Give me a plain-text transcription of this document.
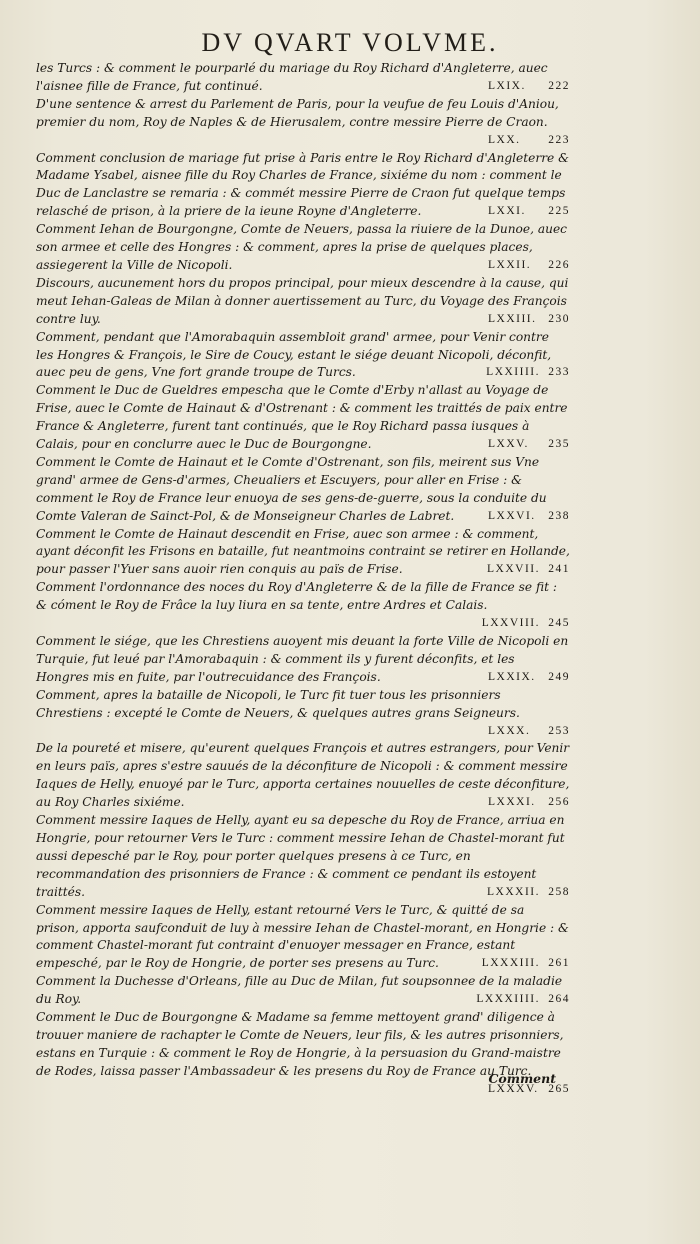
DV QVART VOLVME.
les Turcs : & comment le pourparlé du mariage du Roy Richard d'Angleterre, auec l'aisnee fille de France, fut continué.	LXIX. 222
D'une sentence & arrest du Parlement de Paris, pour la veufue de feu Louis d'Aniou, premier du nom, Roy de Naples & de Hierusalem, contre messire Pierre de Craon.
LXX. 223
Comment conclusion de mariage fut prise à Paris entre le Roy Richard d'Angleterre & Madame Ysabel, aisnee fille du Roy Charles de France, sixiéme du nom : comment le Duc de Lanclastre se remaria : & commét messire Pierre de Craon fut quelque temps relasché de prison, à la priere de la ieune Royne d'Angleterre.	LXXI. 225
Comment Iehan de Bourgongne, Comte de Neuers, passa la riuiere de la Dunoe, auec son armee et celle des Hongres : & comment, apres la prise de quelques places, assiegerent la Ville de Nicopoli.	LXXII. 226
Discours, aucunement hors du propos principal, pour mieux descendre à la cause, qui meut Iehan-Galeas de Milan à donner auertissement au Turc, du Voyage des François contre luy.	LXXIII. 230
Comment, pendant que l'Amorabaquin assembloit grand' armee, pour Venir contre les Hongres & François, le Sire de Coucy, estant le siége deuant Nicopoli, déconfit, auec peu de gens, Vne fort grande troupe de Turcs.	LXXIIII. 233
Comment le Duc de Gueldres empescha que le Comte d'Erby n'allast au Voyage de Frise, auec le Comte de Hainaut & d'Ostrenant : & comment les traittés de paix entre France & Angleterre, furent tant continués, que le Roy Richard passa iusques à Calais, pour en conclurre auec le Duc de Bourgongne.	LXXV. 235
Comment le Comte de Hainaut et le Comte d'Ostrenant, son fils, meirent sus Vne grand' armee de Gens-d'armes, Cheualiers et Escuyers, pour aller en Frise : & comment le Roy de France leur enuoya de ses gens-de-guerre, sous la conduite du Comte Valeran de Sainct-Pol, & de Monseigneur Charles de Labret.	LXXVI. 238
Comment le Comte de Hainaut descendit en Frise, auec son armee : & comment, ayant déconfit les Frisons en bataille, fut neantmoins contraint se retirer en Hollande, pour passer l'Yuer sans auoir rien conquis au païs de Frise.	LXXVII. 241
Comment l'ordonnance des noces du Roy d'Angleterre & de la fille de France se fit : & cóment le Roy de Frâce la luy liura en sa tente, entre Ardres et Calais.
LXXVIII. 245
Comment le siége, que les Chrestiens auoyent mis deuant la forte Ville de Nicopoli en Turquie, fut leué par l'Amorabaquin : & comment ils y furent déconfits, et les Hongres mis en fuite, par l'outrecuidance des François.	LXXIX. 249
Comment, apres la bataille de Nicopoli, le Turc fit tuer tous les prisonniers Chrestiens : excepté le Comte de Neuers, & quelques autres grans Seigneurs.
LXXX. 253
De la poureté et misere, qu'eurent quelques François et autres estrangers, pour Venir en leurs païs, apres s'estre sauués de la déconfiture de Nicopoli : & comment messire Iaques de Helly, enuoyé par le Turc, apporta certaines nouuelles de ceste déconfiture, au Roy Charles sixiéme.	LXXXI. 256
Comment messire Iaques de Helly, ayant eu sa depesche du Roy de France, arriua en Hongrie, pour retourner Vers le Turc : comment messire Iehan de Chastel-morant fut aussi depesché par le Roy, pour porter quelques presens à ce Turc, en recommandation des prisonniers de France : & comment ce pendant ils estoyent traittés.	LXXXII. 258
Comment messire Iaques de Helly, estant retourné Vers le Turc, & quitté de sa prison, apporta saufconduit de luy à messire Iehan de Chastel-morant, en Hongrie : & comment Chastel-morant fut contraint d'enuoyer messager en France, estant empesché, par le Roy de Hongrie, de porter ses presens au Turc.	LXXXIII. 261
Comment la Duchesse d'Orleans, fille au Duc de Milan, fut soupsonnee de la maladie du Roy.	LXXXIIII. 264
Comment le Duc de Bourgongne & Madame sa femme mettoyent grand' diligence à trouuer maniere de rachapter le Comte de Neuers, leur fils, & les autres prisonniers, estans en Turquie : & comment le Roy de Hongrie, à la persuasion du Grand-maistre de Rodes, laissa passer l'Ambassadeur & les presens du Roy de France au Turc.
LXXXV. 265
Comment
